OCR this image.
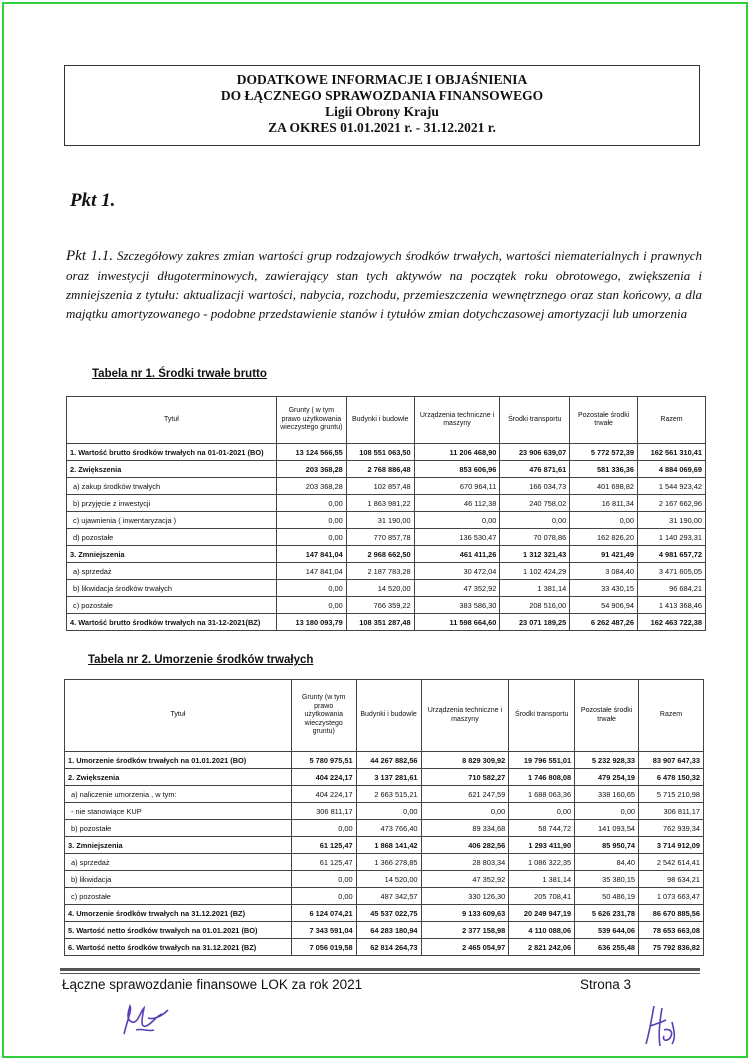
DODATKOWE INFORMACJE I OBJAŚNIENIA
DO ŁĄCZNEGO SPRAWOZDANIA FINANSOWEGO
Ligii Obrony Kraju
ZA OKRES 01.01.2021 r. - 31.12.2021 r.
Pkt 1.
Pkt 1.1. Szczegółowy zakres zmian wartości grup rodzajowych środków trwałych, wartości niematerialnych i prawnych oraz inwestycji długoterminowych, zawierający stan tych aktywów na początek roku obrotowego, zwiększenia i zmniejszenia z tytułu: aktualizacji wartości, nabycia, rozchodu, przemieszczenia wewnętrznego oraz stan końcowy, a dla majątku amortyzowanego - podobne przedstawienie stanów i tytułów zmian dotychczasowej amortyzacji lub umorzenia
Tabela nr 1. Środki trwałe brutto
Tytuł	Grunty ( w tym prawo użytkowania wieczystego gruntu)	Budynki i budowle	Urządzenia techniczne i maszyny	Środki transportu	Pozostałe środki trwałe	Razem
1. Wartość brutto środków trwałych na 01-01-2021 (BO)	13 124 566,55	108 551 063,50	11 206 468,90	23 906 639,07	5 772 572,39	162 561 310,41
2. Zwiększenia	203 368,28	2 768 886,48	853 606,96	476 871,61	581 336,36	4 884 069,69
a) zakup środków trwałych	203 368,28	102 857,48	670 964,11	166 034,73	401 698,82	1 544 923,42
b) przyjęcie z inwestycji	0,00	1 863 981,22	46 112,38	240 758,02	16 811,34	2 167 662,96
c) ujawnienia ( inwentaryzacja )	0,00	31 190,00	0,00	0,00	0,00	31 190,00
d) pozostałe	0,00	770 857,78	136 530,47	70 078,86	162 826,20	1 140 293,31
3. Zmniejszenia	147 841,04	2 968 662,50	461 411,26	1 312 321,43	91 421,49	4 981 657,72
a) sprzedaż	147 841,04	2 187 783,28	30 472,04	1 102 424,29	3 084,40	3 471 605,05
b) likwidacja środków trwałych	0,00	14 520,00	47 352,92	1 381,14	33 430,15	96 684,21
c) pozostałe	0,00	766 359,22	383 586,30	208 516,00	54 906,94	1 413 368,46
4. Wartość brutto środków trwałych na 31-12-2021(BZ)	13 180 093,79	108 351 287,48	11 598 664,60	23 071 189,25	6 262 487,26	162 463 722,38
Tabela nr 2. Umorzenie środków trwałych
Tytuł	Grunty (w tym prawo użytkowania wieczystego gruntu)	Budynki i budowle	Urządzenia techniczne i maszyny	Środki transportu	Pozostałe środki trwałe	Razem
1. Umorzenie środków trwałych na 01.01.2021 (BO)	5 780 975,51	44 267 882,56	8 829 309,92	19 796 551,01	5 232 928,33	83 907 647,33
2. Zwiększenia	404 224,17	3 137 281,61	710 582,27	1 746 808,08	479 254,19	6 478 150,32
a) naliczenie umorzenia , w tym:	404 224,17	2 663 515,21	621 247,59	1 688 063,36	338 160,65	5 715 210,98
- nie stanowiące KUP	306 811,17	0,00	0,00	0,00	0,00	306 811,17
b) pozostałe	0,00	473 766,40	89 334,68	58 744,72	141 093,54	762 939,34
3. Zmniejszenia	61 125,47	1 868 141,42	406 282,56	1 293 411,90	85 950,74	3 714 912,09
a) sprzedaż	61 125,47	1 366 278,85	28 803,34	1 086 322,35	84,40	2 542 614,41
b) likwidacja	0,00	14 520,00	47 352,92	1 381,14	35 380,15	98 634,21
c) pozostałe	0,00	487 342,57	330 126,30	205 708,41	50 486,19	1 073 663,47
4. Umorzenie środków trwałych na 31.12.2021 (BZ)	6 124 074,21	45 537 022,75	9 133 609,63	20 249 947,19	5 626 231,78	86 670 885,56
5. Wartość netto środków trwałych na 01.01.2021 (BO)	7 343 591,04	64 283 180,94	2 377 158,98	4 110 088,06	539 644,06	78 653 663,08
6. Wartość netto środków trwałych na 31.12.2021 (BZ)	7 056 019,58	62 814 264,73	2 465 054,97	2 821 242,06	636 255,48	75 792 836,82
Łączne sprawozdanie finansowe LOK za rok 2021	Strona 3
